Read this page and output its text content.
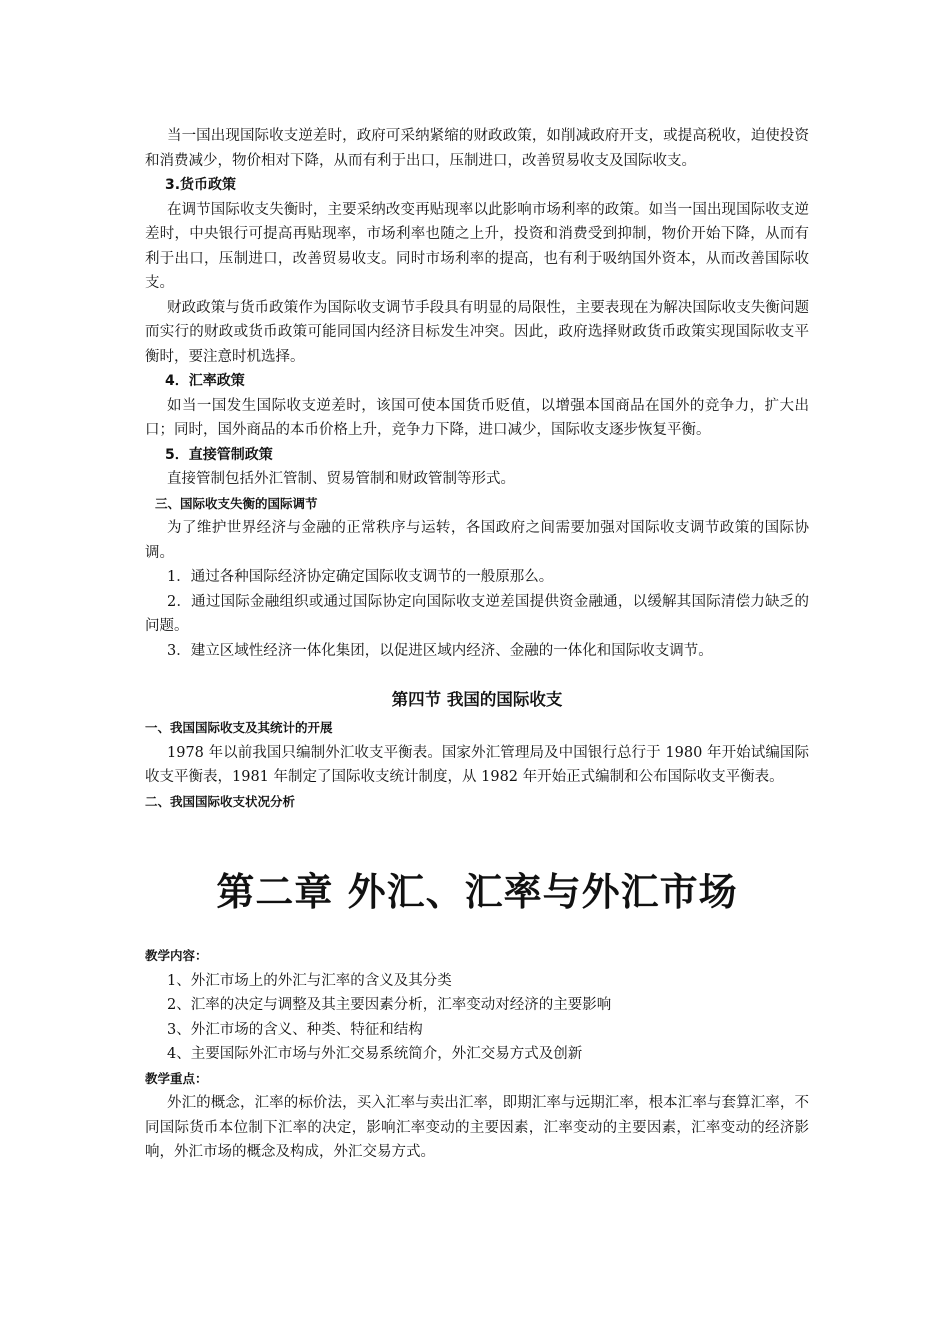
当一国出现国际收支逆差时，政府可采纳紧缩的财政政策，如削减政府开支，或提高税收，迫使投资和消费减少，物价相对下降，从而有利于出口，压制进口，改善贸易收支及国际收支。

3.货币政策

在调节国际收支失衡时，主要采纳改变再贴现率以此影响市场利率的政策。如当一国出现国际收支逆差时，中央银行可提高再贴现率，市场利率也随之上升，投资和消费受到抑制，物价开始下降，从而有利于出口，压制进口，改善贸易收支。同时市场利率的提高，也有利于吸纳国外资本，从而改善国际收支。

财政政策与货币政策作为国际收支调节手段具有明显的局限性，主要表现在为解决国际收支失衡问题而实行的财政或货币政策可能同国内经济目标发生冲突。因此，政府选择财政货币政策实现国际收支平衡时，要注意时机选择。

4．汇率政策

如当一国发生国际收支逆差时，该国可使本国货币贬值，以增强本国商品在国外的竞争力，扩大出口；同时，国外商品的本币价格上升，竞争力下降，进口减少，国际收支逐步恢复平衡。

5．直接管制政策

直接管制包括外汇管制、贸易管制和财政管制等形式。

三、国际收支失衡的国际调节

为了维护世界经济与金融的正常秩序与运转，各国政府之间需要加强对国际收支调节政策的国际协调。

1．通过各种国际经济协定确定国际收支调节的一般原那么。

2．通过国际金融组织或通过国际协定向国际收支逆差国提供资金融通，以缓解其国际清偿力缺乏的问题。

3．建立区域性经济一体化集团，以促进区域内经济、金融的一体化和国际收支调节。

第四节 我国的国际收支
一、我国国际收支及其统计的开展

1978 年以前我国只编制外汇收支平衡表。国家外汇管理局及中国银行总行于 1980 年开始试编国际收支平衡表，1981 年制定了国际收支统计制度，从 1982 年开始正式编制和公布国际收支平衡表。

二、我国国际收支状况分析
第二章 外汇、汇率与外汇市场
教学内容：

1、外汇市场上的外汇与汇率的含义及其分类

2、汇率的决定与调整及其主要因素分析，汇率变动对经济的主要影响

3、外汇市场的含义、种类、特征和结构

4、主要国际外汇市场与外汇交易系统简介，外汇交易方式及创新

教学重点：

外汇的概念，汇率的标价法，买入汇率与卖出汇率，即期汇率与远期汇率，根本汇率与套算汇率，不同国际货币本位制下汇率的决定，影响汇率变动的主要因素，汇率变动的主要因素，汇率变动的经济影响，外汇市场的概念及构成，外汇交易方式。
